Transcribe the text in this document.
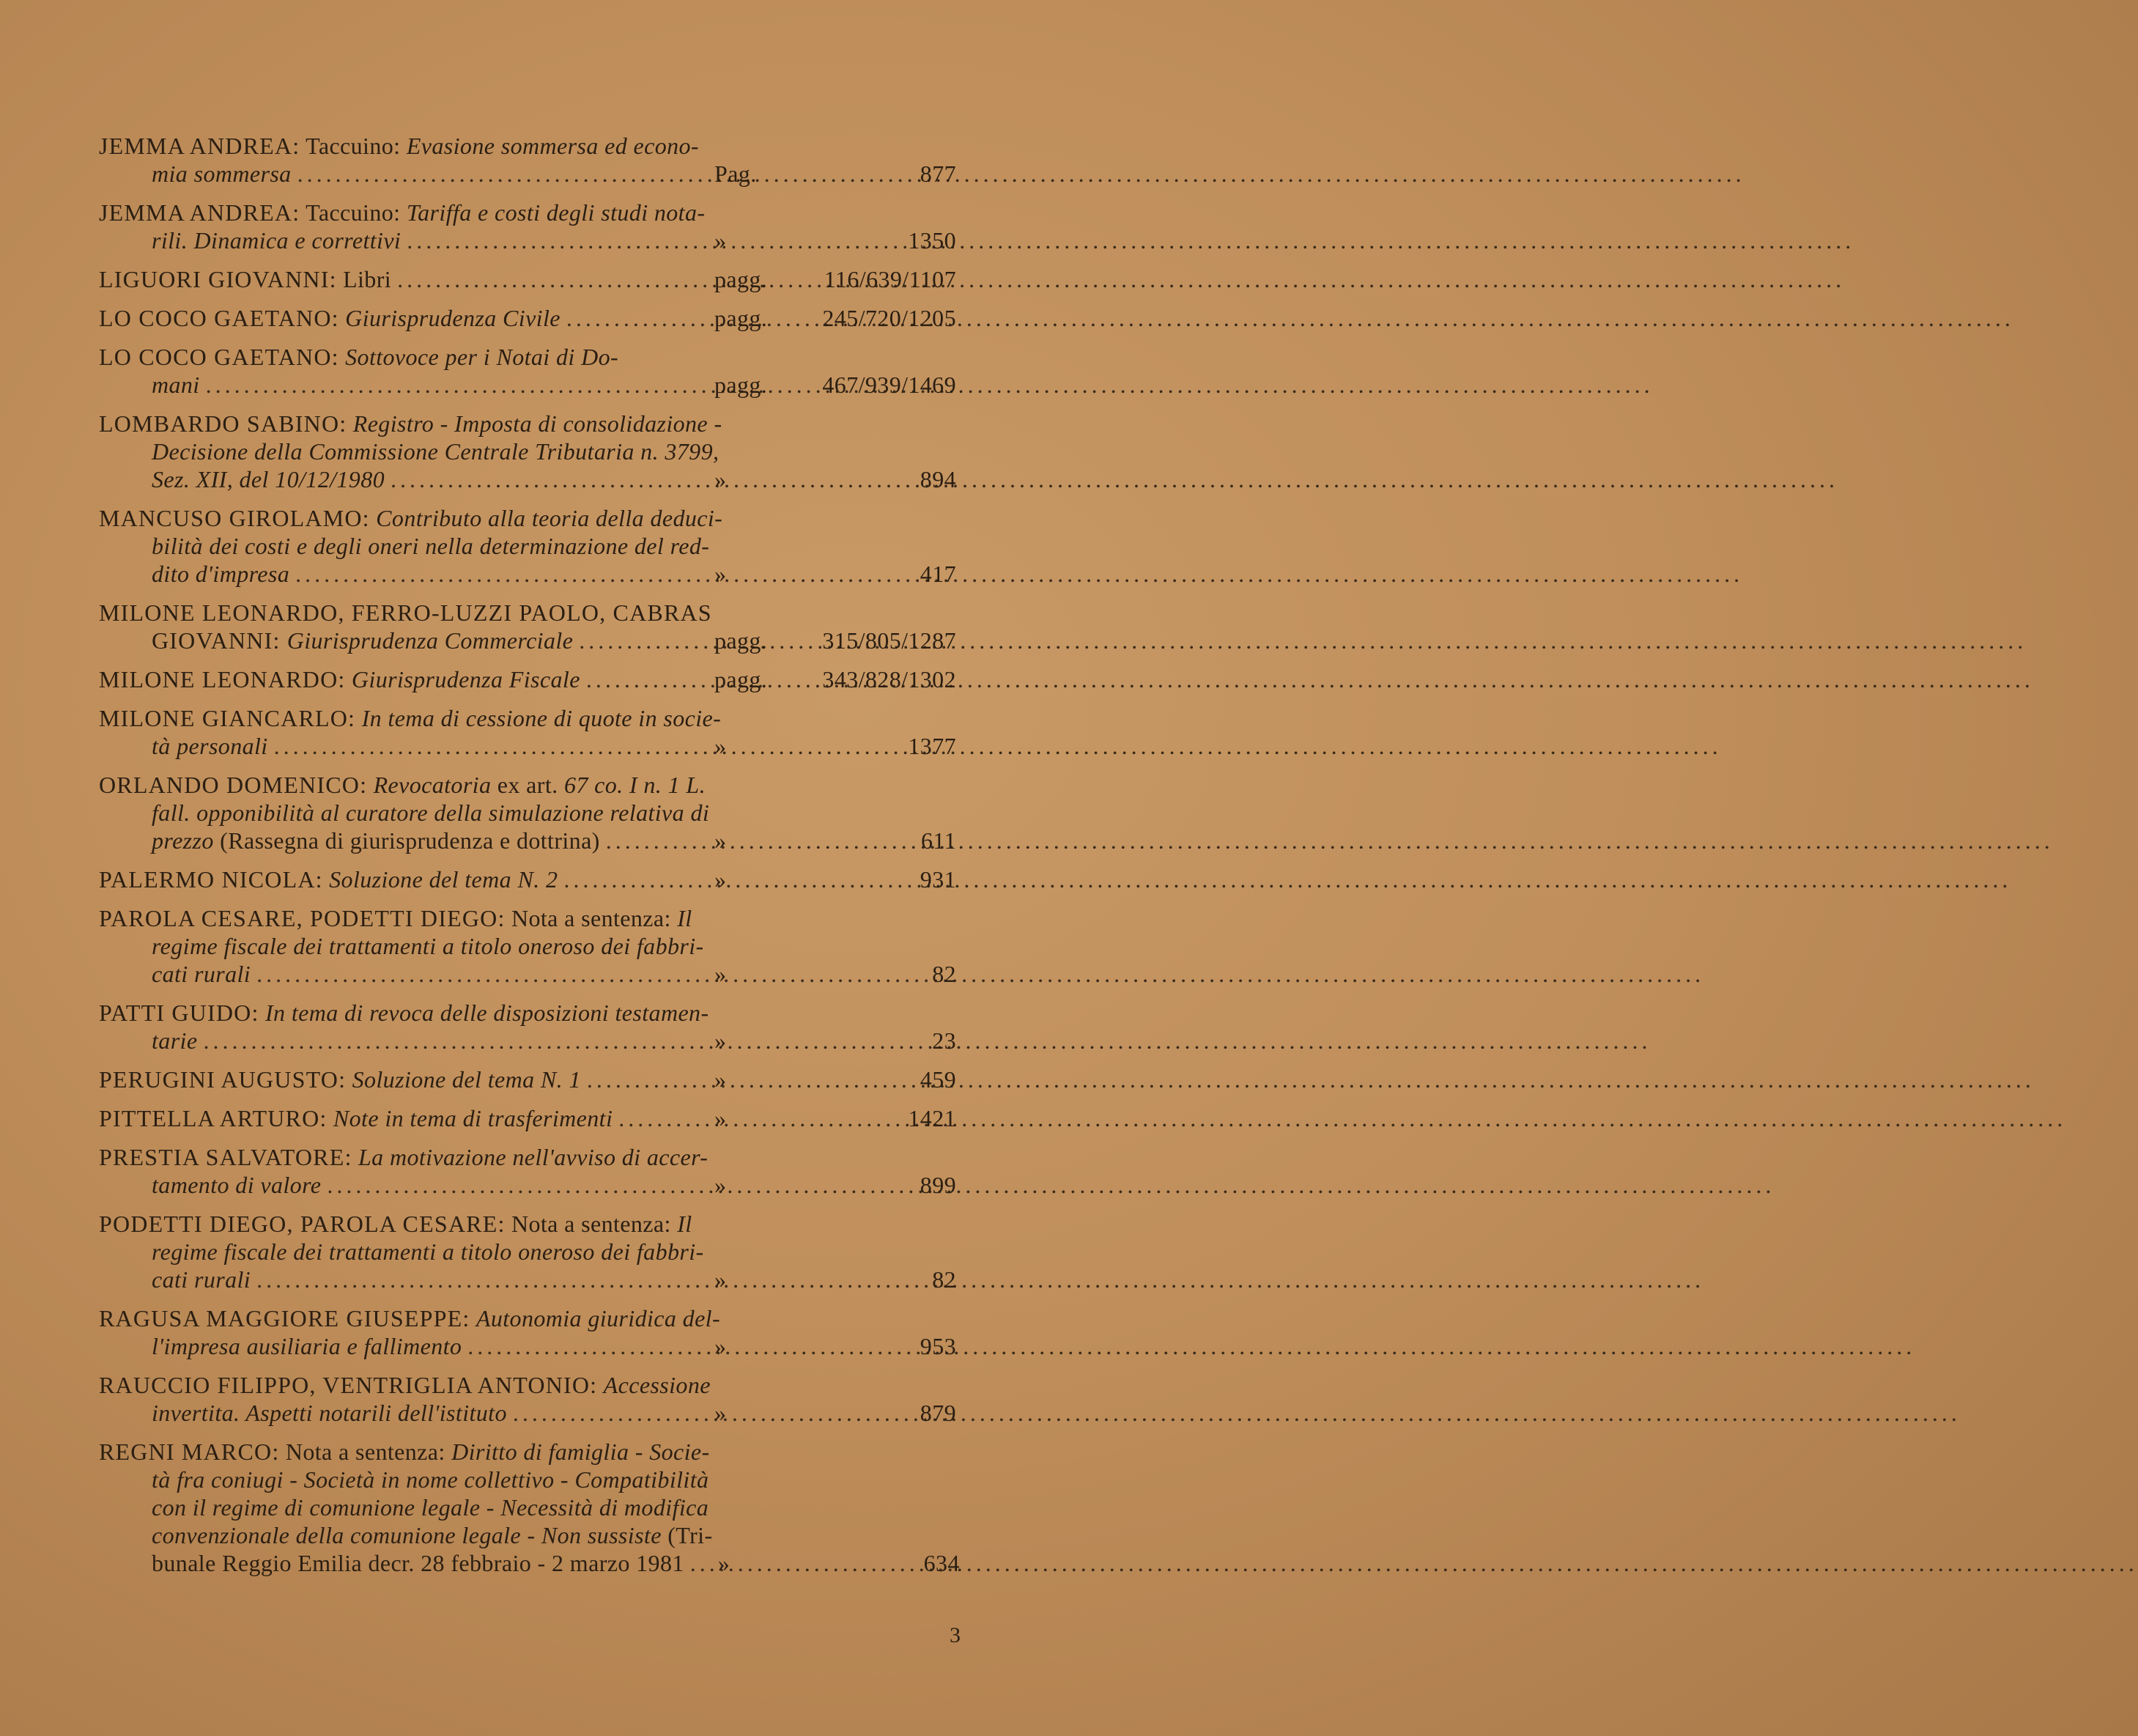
JEMMA ANDREA: Taccuino: Evasione sommersa ed econo-
mia sommersa .....	Pag.	877
JEMMA ANDREA: Taccuino: Tariffa e costi degli studi nota-
rili. Dinamica e correttivi .....	»	1350
LIGUORI GIOVANNI: Libri .....	pagg. 116/639/1107
LO COCO GAETANO: Giurisprudenza Civile .....	pagg. 245/720/1205
LO COCO GAETANO: Sottovoce per i Notai di Do-
mani .....	pagg. 467/939/1469
LOMBARDO SABINO: Registro - Imposta di consolidazione -
Decisione della Commissione Centrale Tributaria n. 3799,
Sez. XII, del 10/12/1980 .....	»	894
MANCUSO GIROLAMO: Contributo alla teoria della deduci-
bilità dei costi e degli oneri nella determinazione del red-
dito d'impresa .....	»	417
MILONE LEONARDO, FERRO-LUZZI PAOLO, CABRAS
GIOVANNI: Giurisprudenza Commerciale .....	pagg. 315/805/1287
MILONE LEONARDO: Giurisprudenza Fiscale .....	pagg. 343/828/1302
MILONE GIANCARLO: In tema di cessione di quote in socie-
tà personali .....	»	1377
ORLANDO DOMENICO: Revocatoria ex art. 67 co. I n. 1 L.
fall. opponibilità al curatore della simulazione relativa di
prezzo (Rassegna di giurisprudenza e dottrina) .....	»	611
PALERMO NICOLA: Soluzione del tema N. 2 .....	»	931
PAROLA CESARE, PODETTI DIEGO: Nota a sentenza: Il
regime fiscale dei trattamenti a titolo oneroso dei fabbri-
cati rurali .....	»	82
PATTI GUIDO: In tema di revoca delle disposizioni testamen-
tarie .....	»	23
PERUGINI AUGUSTO: Soluzione del tema N. 1 .....	»	459
PITTELLA ARTURO: Note in tema di trasferimenti .....	»	1421
PRESTIA SALVATORE: La motivazione nell'avviso di accer-
tamento di valore .....	»	899
PODETTI DIEGO, PAROLA CESARE: Nota a sentenza: Il
regime fiscale dei trattamenti a titolo oneroso dei fabbri-
cati rurali .....	»	82
RAGUSA MAGGIORE GIUSEPPE: Autonomia giuridica del-
l'impresa ausiliaria e fallimento .....	»	953
RAUCCIO FILIPPO, VENTRIGLIA ANTONIO: Accessione
invertita. Aspetti notarili dell'istituto .....	»	879
REGNI MARCO: Nota a sentenza: Diritto di famiglia - Socie-
tà fra coniugi - Società in nome collettivo - Compatibilità
con il regime di comunione legale - Necessità di modifica
convenzionale della comunione legale - Non sussiste (Tri-
bunale Reggio Emilia decr. 28 febbraio - 2 marzo 1981 ..... »	634
3
